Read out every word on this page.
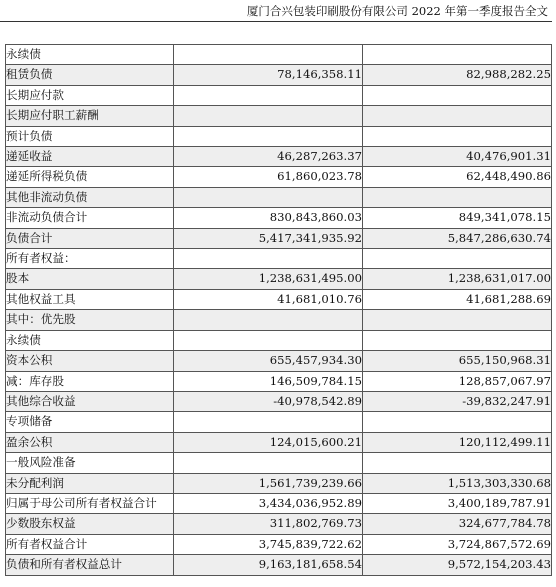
厦门合兴包装印刷股份有限公司 2022 年第一季度报告全文
永续债		
租赁负债	78,146,358.11	82,988,282.25
长期应付款		
长期应付职工薪酬		
预计负债		
递延收益	46,287,263.37	40,476,901.31
递延所得税负债	61,860,023.78	62,448,490.86
其他非流动负债		
非流动负债合计	830,843,860.03	849,341,078.15
负债合计	5,417,341,935.92	5,847,286,630.74
所有者权益：		
股本	1,238,631,495.00	1,238,631,017.00
其他权益工具	41,681,010.76	41,681,288.69
其中：优先股		
永续债		
资本公积	655,457,934.30	655,150,968.31
减：库存股	146,509,784.15	128,857,067.97
其他综合收益	-40,978,542.89	-39,832,247.91
专项储备		
盈余公积	124,015,600.21	120,112,499.11
一般风险准备		
未分配利润	1,561,739,239.66	1,513,303,330.68
归属于母公司所有者权益合计	3,434,036,952.89	3,400,189,787.91
少数股东权益	311,802,769.73	324,677,784.78
所有者权益合计	3,745,839,722.62	3,724,867,572.69
负债和所有者权益总计	9,163,181,658.54	9,572,154,203.43
